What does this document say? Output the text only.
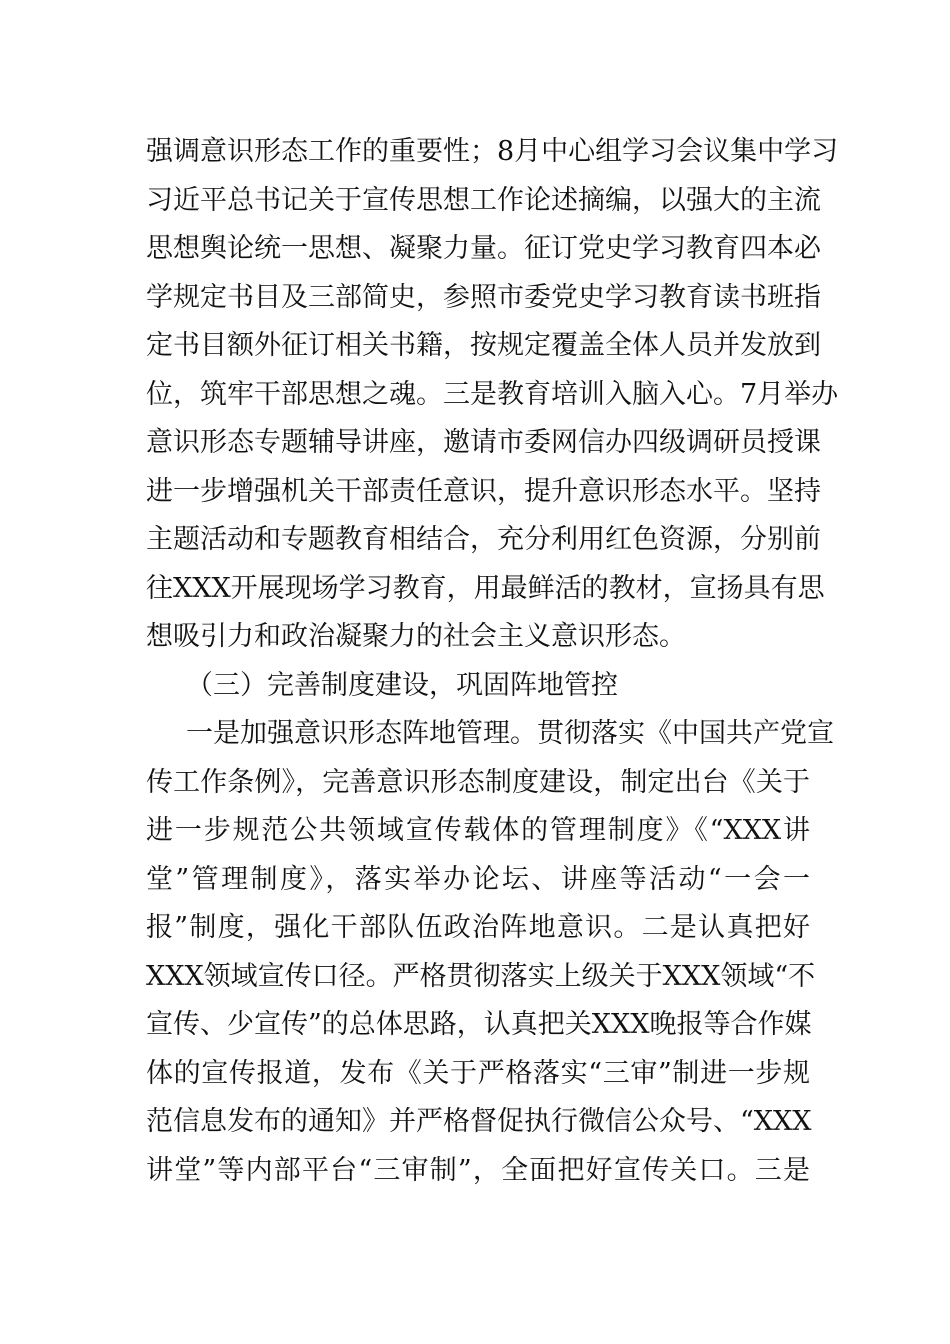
强调意识形态工作的重要性；8月中心组学习会议集中学习
习近平总书记关于宣传思想工作论述摘编，以强大的主流
思想舆论统一思想、凝聚力量。征订党史学习教育四本必
学规定书目及三部简史，参照市委党史学习教育读书班指
定书目额外征订相关书籍，按规定覆盖全体人员并发放到
位，筑牢干部思想之魂。三是教育培训入脑入心。7月举办
意识形态专题辅导讲座，邀请市委网信办四级调研员授课
进一步增强机关干部责任意识，提升意识形态水平。坚持
主题活动和专题教育相结合，充分利用红色资源，分别前
往XXX开展现场学习教育，用最鲜活的教材，宣扬具有思
想吸引力和政治凝聚力的社会主义意识形态。
（三）完善制度建设，巩固阵地管控
一是加强意识形态阵地管理。贯彻落实《中国共产党宣
传工作条例》，完善意识形态制度建设，制定出台《关于
进一步规范公共领域宣传载体的管理制度》《“XXX讲
堂”管理制度》，落实举办论坛、讲座等活动“一会一
报”制度，强化干部队伍政治阵地意识。二是认真把好
XXX领域宣传口径。严格贯彻落实上级关于XXX领域“不
宣传、少宣传”的总体思路，认真把关XXX晚报等合作媒
体的宣传报道，发布《关于严格落实“三审”制进一步规
范信息发布的通知》并严格督促执行微信公众号、“XXX
讲堂”等内部平台“三审制”，全面把好宣传关口。三是
